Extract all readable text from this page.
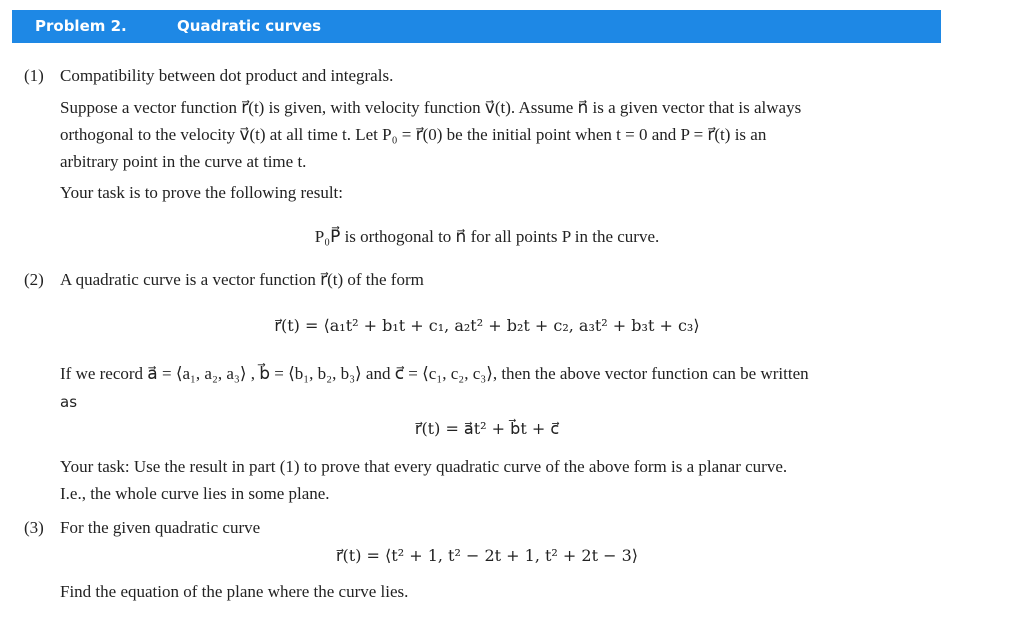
Problem 2.	Quadratic curves
(1) Compatibility between dot product and integrals.
Suppose a vector function r⃗(t) is given, with velocity function v⃗(t). Assume n⃗ is a given vector that is always
orthogonal to the velocity v⃗(t) at all time t. Let P₀ = r⃗(0) be the initial point when t = 0 and P = r⃗(t) is an
arbitrary point in the curve at time t.
Your task is to prove the following result:
P₀P⃗ is orthogonal to n⃗ for all points P in the curve.
(2) A quadratic curve is a vector function r⃗(t) of the form
r⃗(t) = ⟨a₁t² + b₁t + c₁, a₂t² + b₂t + c₂, a₃t² + b₃t + c₃⟩
If we record a⃗ = ⟨a₁, a₂, a₃⟩ , b⃗ = ⟨b₁, b₂, b₃⟩ and c⃗ = ⟨c₁, c₂, c₃⟩, then the above vector function can be written
as
r⃗(t) = a⃗t² + b⃗t + c⃗
Your task: Use the result in part (1) to prove that every quadratic curve of the above form is a planar curve.
I.e., the whole curve lies in some plane.
(3) For the given quadratic curve
r⃗(t) = ⟨t² + 1, t² − 2t + 1, t² + 2t − 3⟩
Find the equation of the plane where the curve lies.
